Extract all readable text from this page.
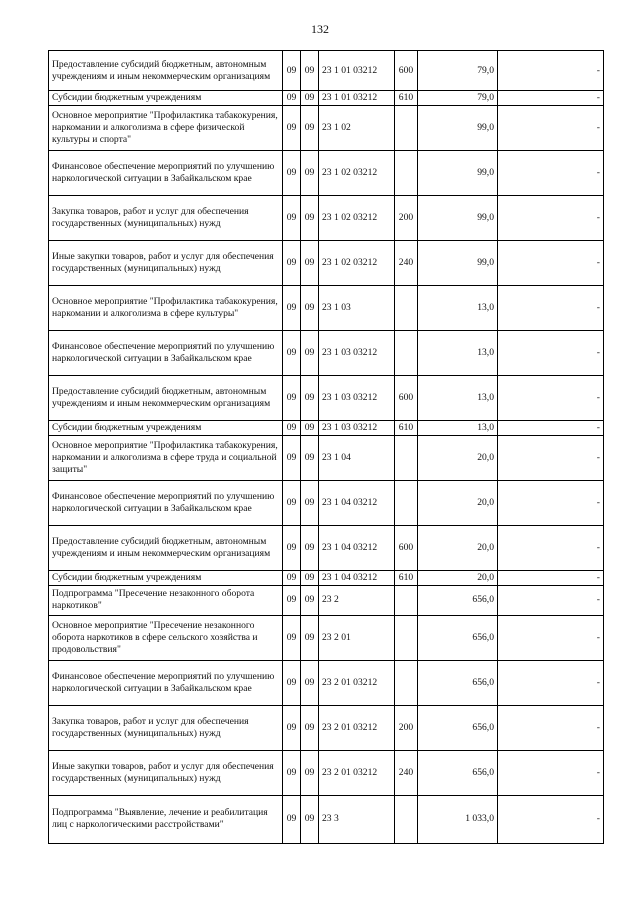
132
Предоставление субсидий бюджетным, автономным учреждениям и иным некоммерческим организациям	09	09	23 1 01 03212	600	79,0	-
Субсидии бюджетным учреждениям	09	09	23 1 01 03212	610	79,0	-
Основное мероприятие "Профилактика табакокурения, наркомании и алкоголизма в сфере физической культуры и спорта"	09	09	23 1 02		99,0	-
Финансовое обеспечение мероприятий по улучшению наркологической ситуации в Забайкальском крае	09	09	23 1 02 03212		99,0	-
Закупка товаров, работ и услуг для обеспечения государственных (муниципальных) нужд	09	09	23 1 02 03212	200	99,0	-
Иные закупки товаров, работ и услуг для обеспечения государственных (муниципальных) нужд	09	09	23 1 02 03212	240	99,0	-
Основное мероприятие "Профилактика табакокурения, наркомании и алкоголизма в сфере культуры"	09	09	23 1 03		13,0	-
Финансовое обеспечение мероприятий по улучшению наркологической ситуации в Забайкальском крае	09	09	23 1 03 03212		13,0	-
Предоставление субсидий бюджетным, автономным учреждениям и иным некоммерческим организациям	09	09	23 1 03 03212	600	13,0	-
Субсидии бюджетным учреждениям	09	09	23 1 03 03212	610	13,0	-
Основное мероприятие "Профилактика табакокурения, наркомании и алкоголизма в сфере труда и социальной защиты"	09	09	23 1 04		20,0	-
Финансовое обеспечение мероприятий по улучшению наркологической ситуации в Забайкальском крае	09	09	23 1 04 03212		20,0	-
Предоставление субсидий бюджетным, автономным учреждениям и иным некоммерческим организациям	09	09	23 1 04 03212	600	20,0	-
Субсидии бюджетным учреждениям	09	09	23 1 04 03212	610	20,0	-
Подпрограмма "Пресечение незаконного оборота наркотиков"	09	09	23 2		656,0	-
Основное мероприятие "Пресечение незаконного оборота наркотиков в сфере сельского хозяйства и продовольствия"	09	09	23 2 01		656,0	-
Финансовое обеспечение мероприятий по улучшению наркологической ситуации в Забайкальском крае	09	09	23 2 01 03212		656,0	-
Закупка товаров, работ и услуг для обеспечения государственных (муниципальных) нужд	09	09	23 2 01 03212	200	656,0	-
Иные закупки товаров, работ и услуг для обеспечения государственных (муниципальных) нужд	09	09	23 2 01 03212	240	656,0	-
Подпрограмма "Выявление, лечение и реабилитация лиц с наркологическими расстройствами"	09	09	23 3		1 033,0	-
